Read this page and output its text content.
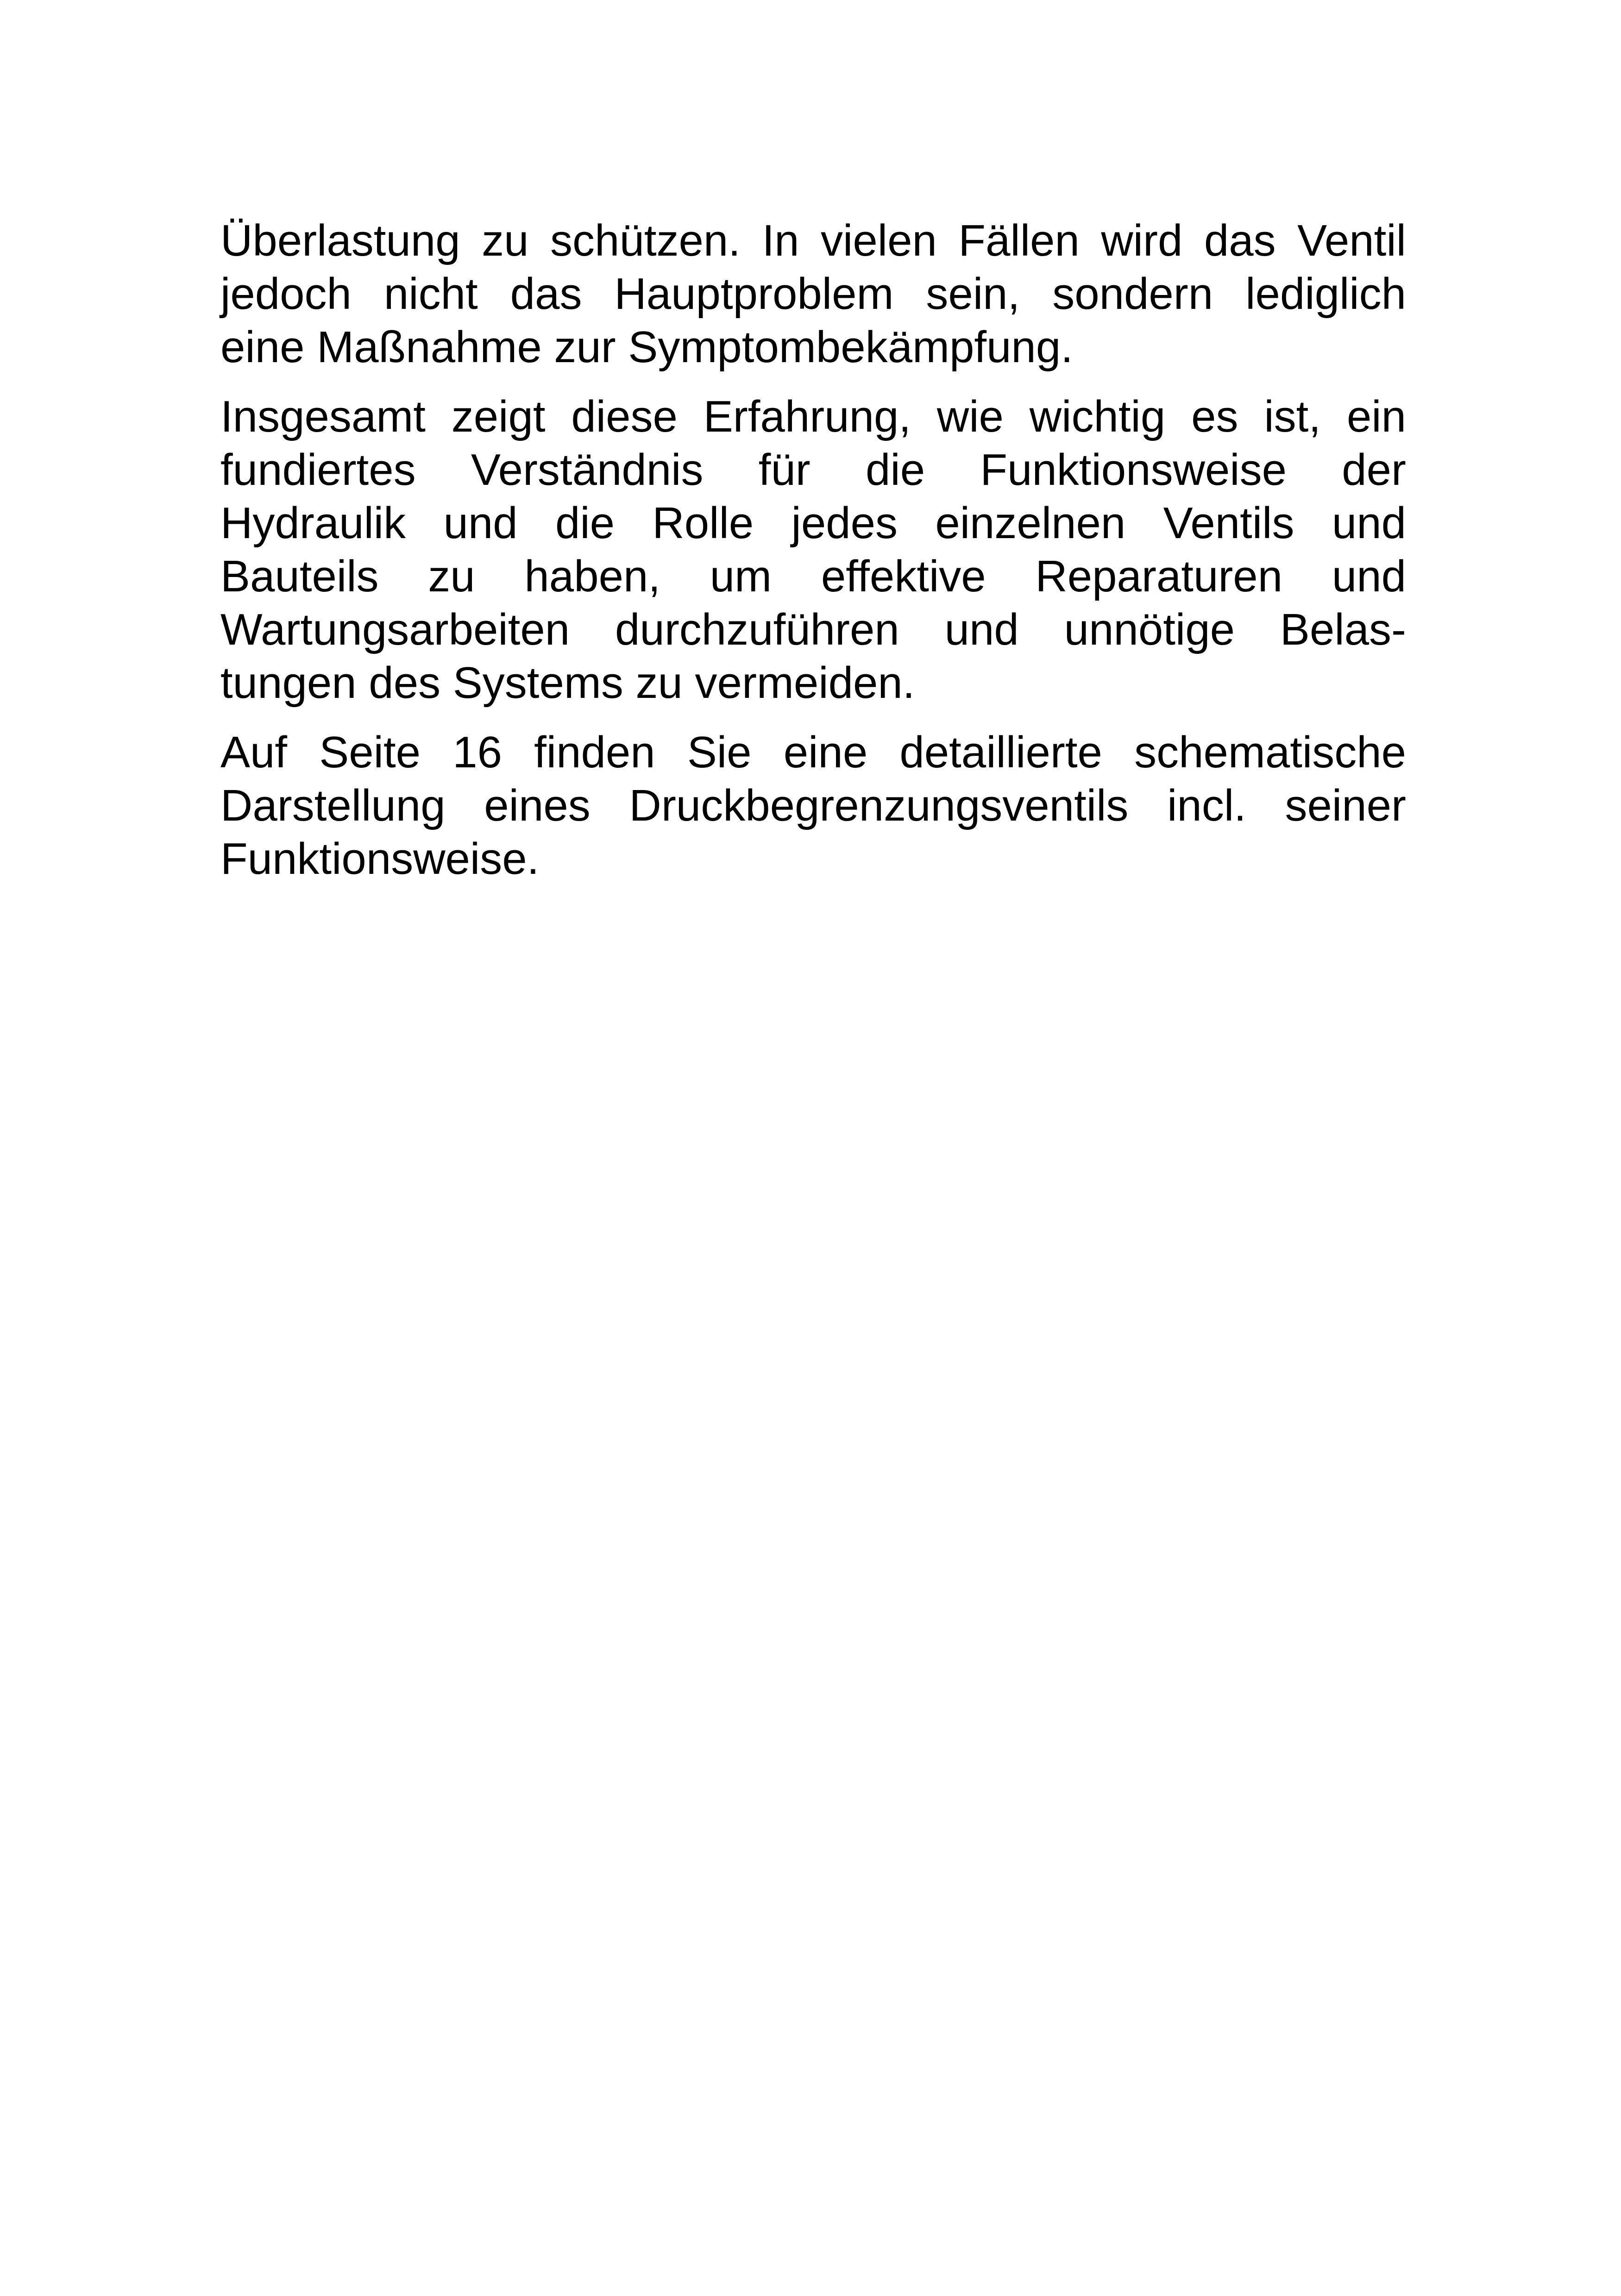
Überlastung zu schützen. In vielen Fällen wird das Ventil
jedoch nicht das Hauptproblem sein, sondern lediglich
eine Maßnahme zur Symptombekämpfung.

Insgesamt zeigt diese Erfahrung, wie wichtig es ist, ein
fundiertes Verständnis für die Funktionsweise der
Hydraulik und die Rolle jedes einzelnen Ventils und
Bauteils zu haben, um effektive Reparaturen und
Wartungsarbeiten durchzuführen und unnötige Belas-
tungen des Systems zu vermeiden.

Auf Seite 16 finden Sie eine detaillierte schematische
Darstellung eines Druckbegrenzungsventils incl. seiner
Funktionsweise.
